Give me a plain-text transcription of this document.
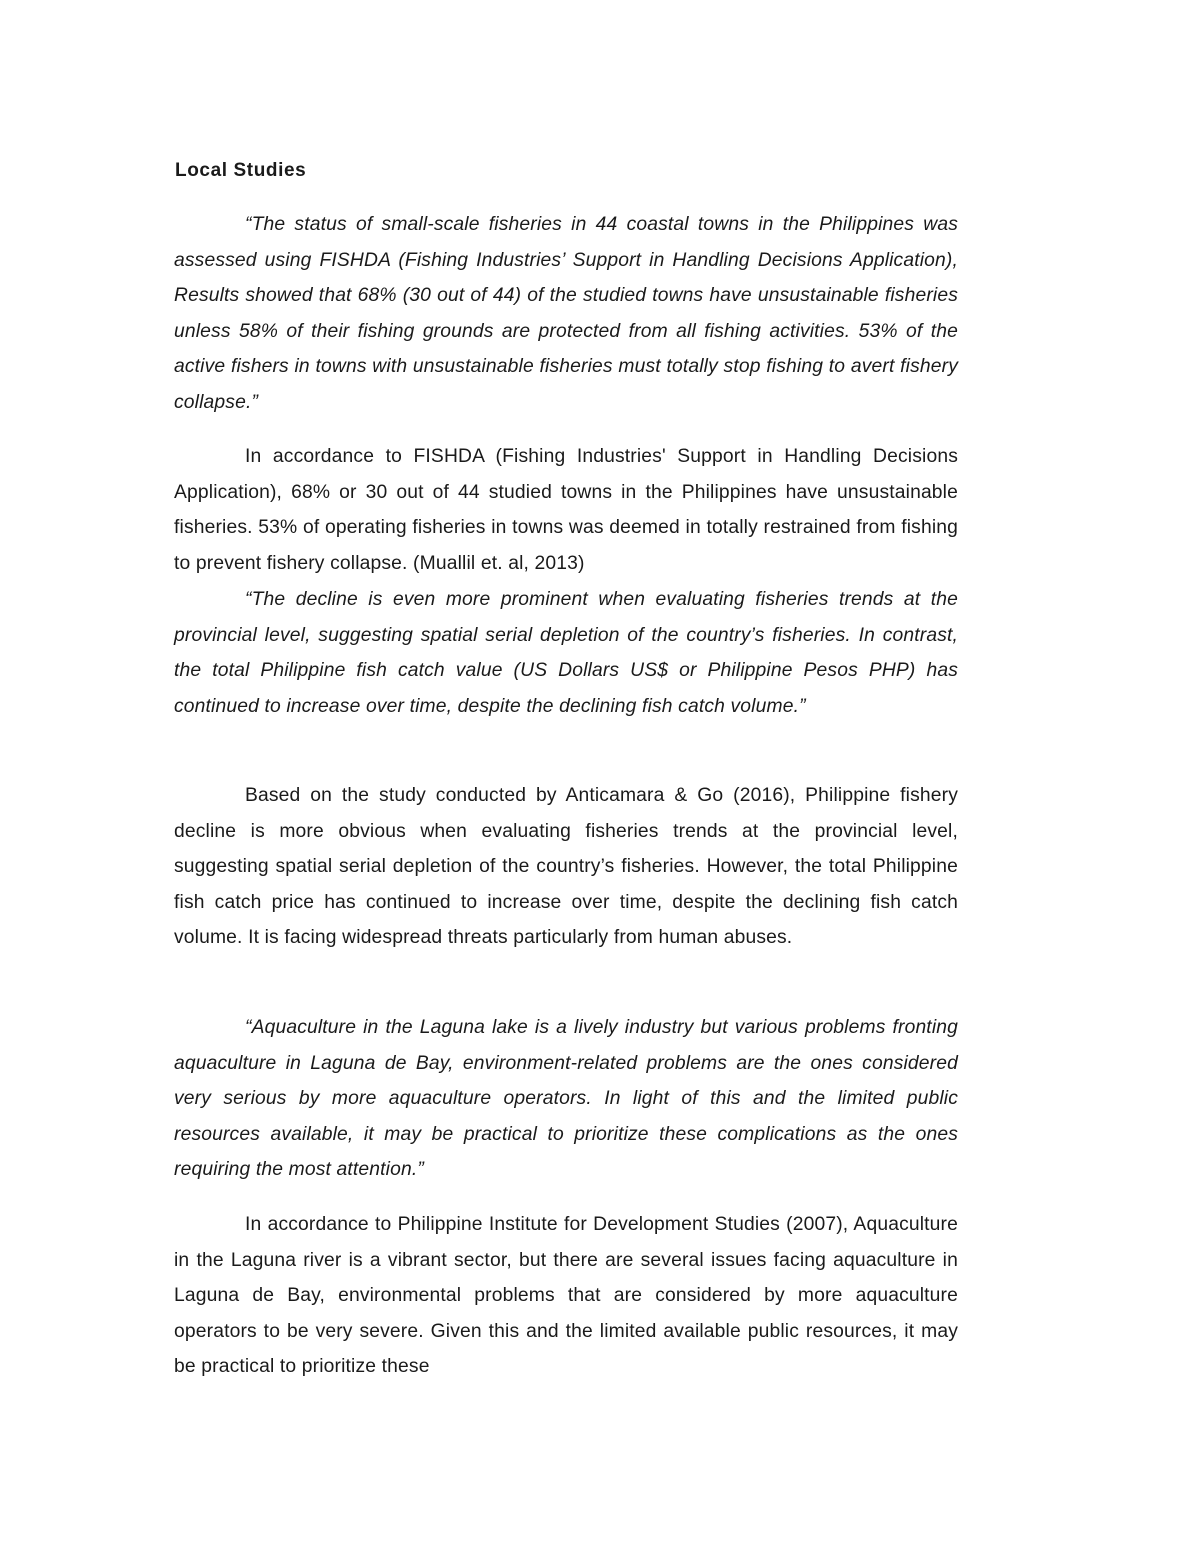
Local Studies

“The status of small-scale fisheries in 44 coastal towns in the Philippines was assessed using FISHDA (Fishing Industries’ Support in Handling Decisions Application), Results showed that 68% (30 out of 44) of the studied towns have unsustainable fisheries unless 58% of their fishing grounds are protected from all fishing activities. 53% of the active fishers in towns with unsustainable fisheries must totally stop fishing to avert fishery collapse.”

In accordance to FISHDA (Fishing Industries' Support in Handling Decisions Application), 68% or 30 out of 44 studied towns in the Philippines have unsustainable fisheries. 53% of operating fisheries in towns was deemed in totally restrained from fishing to prevent fishery collapse. (Muallil et. al, 2013)

“The decline is even more prominent when evaluating fisheries trends at the provincial level, suggesting spatial serial depletion of the country’s fisheries. In contrast, the total Philippine fish catch value (US Dollars US$ or Philippine Pesos PHP) has continued to increase over time, despite the declining fish catch volume.”

Based on the study conducted by Anticamara & Go (2016), Philippine fishery decline is more obvious when evaluating fisheries trends at the provincial level, suggesting spatial serial depletion of the country’s fisheries. However, the total Philippine fish catch price has continued to increase over time, despite the declining fish catch volume. It is facing widespread threats particularly from human abuses.

“Aquaculture in the Laguna lake is a lively industry but various problems fronting aquaculture in Laguna de Bay, environment-related problems are the ones considered very serious by more aquaculture operators. In light of this and the limited public resources available, it may be practical to prioritize these complications as the ones requiring the most attention.”

In accordance to Philippine Institute for Development Studies (2007), Aquaculture in the Laguna river is a vibrant sector, but there are several issues facing aquaculture in Laguna de Bay, environmental problems that are considered by more aquaculture operators to be very severe. Given this and the limited available public resources, it may be practical to prioritize these
